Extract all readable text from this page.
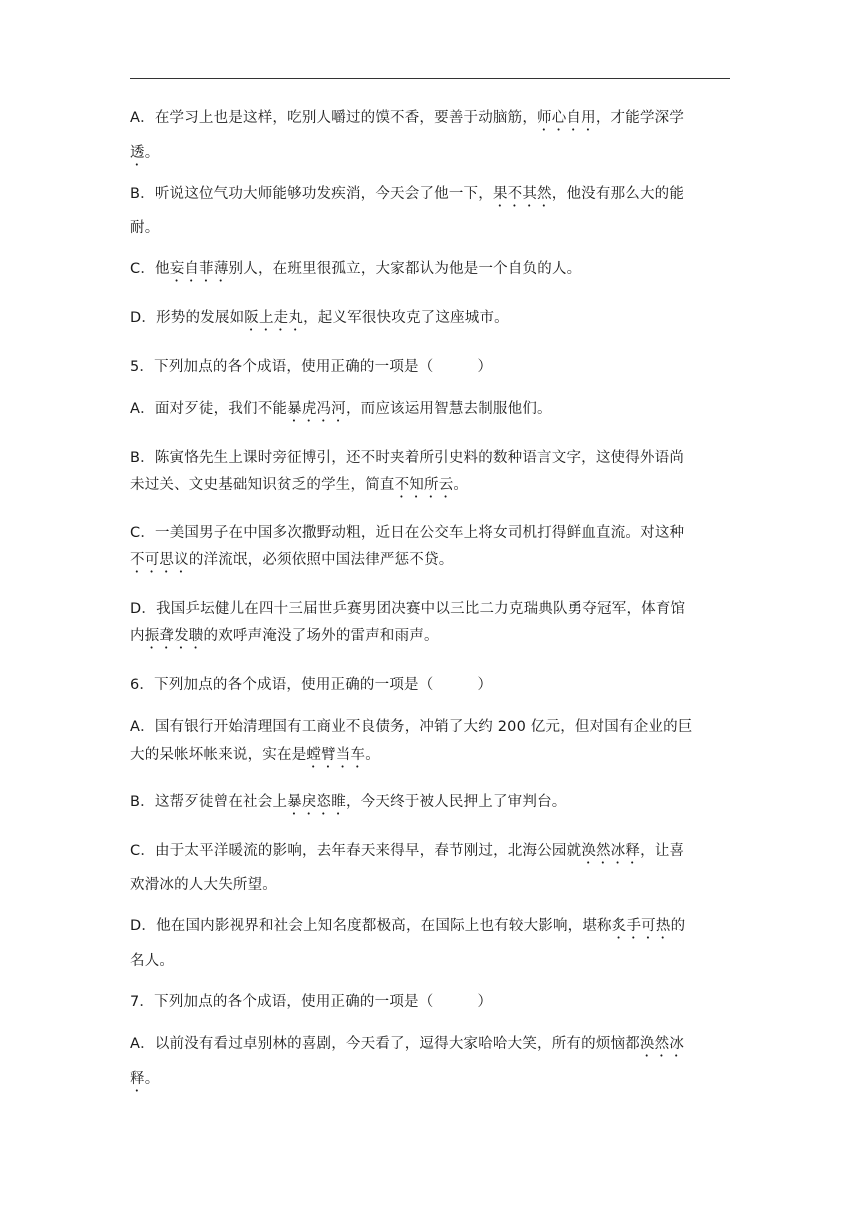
A．在学习上也是这样，吃别人嚼过的馍不香，要善于动脑筋，师心自用，才能学深学
透。
B．听说这位气功大师能够功发疾消，今天会了他一下，果不其然，他没有那么大的能
耐。
C．他妄自菲薄别人，在班里很孤立，大家都认为他是一个自负的人。
D．形势的发展如阪上走丸，起义军很快攻克了这座城市。
5．下列加点的各个成语，使用正确的一项是（　　　）
A．面对歹徒，我们不能暴虎冯河，而应该运用智慧去制服他们。
B．陈寅恪先生上课时旁征博引，还不时夹着所引史料的数种语言文字，这使得外语尚
未过关、文史基础知识贫乏的学生，简直不知所云。
C．一美国男子在中国多次撒野动粗，近日在公交车上将女司机打得鲜血直流。对这种
不可思议的洋流氓，必须依照中国法律严惩不贷。
D．我国乒坛健儿在四十三届世乒赛男团决赛中以三比二力克瑞典队勇夺冠军，体育馆
内振聋发聩的欢呼声淹没了场外的雷声和雨声。
6．下列加点的各个成语，使用正确的一项是（　　　）
A．国有银行开始清理国有工商业不良债务，冲销了大约 200 亿元，但对国有企业的巨
大的呆帐坏帐来说，实在是螳臂当车。
B．这帮歹徒曾在社会上暴戾恣睢，今天终于被人民押上了审判台。
C．由于太平洋暖流的影响，去年春天来得早，春节刚过，北海公园就涣然冰释，让喜
欢滑冰的人大失所望。
D．他在国内影视界和社会上知名度都极高，在国际上也有较大影响，堪称炙手可热的
名人。
7．下列加点的各个成语，使用正确的一项是（　　　）
A．以前没有看过卓别林的喜剧，今天看了，逗得大家哈哈大笑，所有的烦恼都涣然冰
释。
